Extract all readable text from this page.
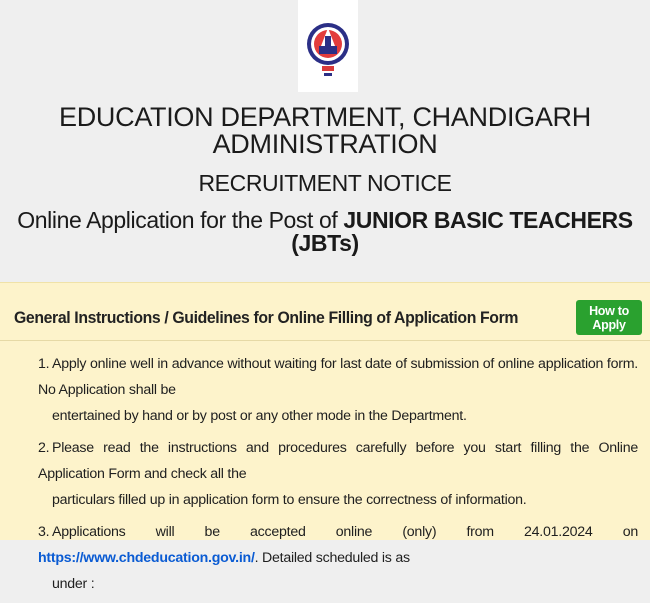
EDUCATION DEPARTMENT, CHANDIGARH ADMINISTRATION
RECRUITMENT NOTICE
Online Application for the Post of JUNIOR BASIC TEACHERS (JBTs)
General Instructions / Guidelines for Online Filling of Application Form	How to Apply
1. Apply online well in advance without waiting for last date of submission of online application form. No Application shall be
entertained by hand or by post or any other mode in the Department.
2. Please read the instructions and procedures carefully before you start filling the Online Application Form and check all the
particulars filled up in application form to ensure the correctness of information.
3. Applications will be accepted online (only) from 24.01.2024 on https://www.chdeducation.gov.in/. Detailed scheduled is as
under :
